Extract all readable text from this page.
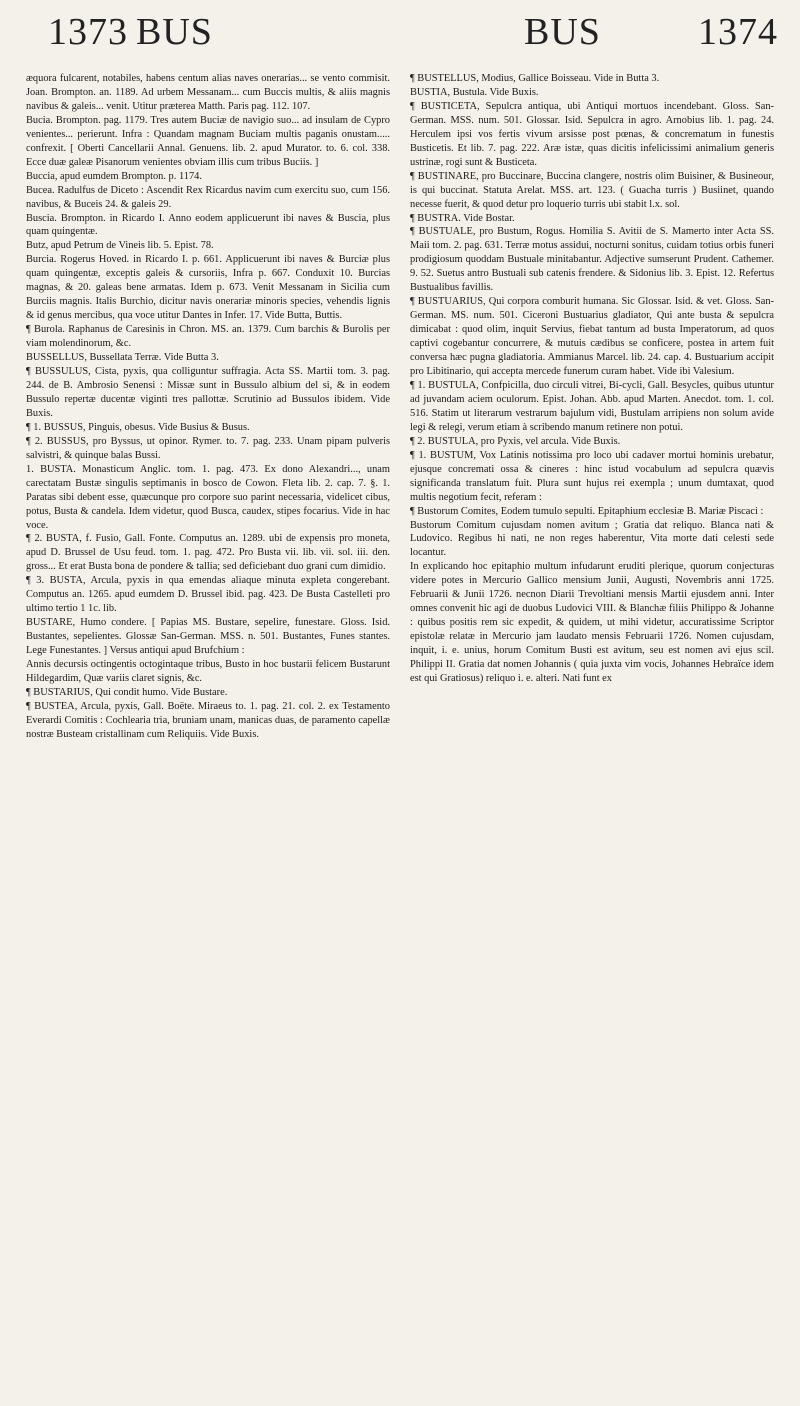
1373 BUS	BUS	1374

æquora fulcarent, notabiles, habens centum alias naves onerarias... se vento commisit. Joan. Brompton. an. 1189. Ad urbem Messanam... cum Buccis multis, & aliis magnis navibus & galeis... venit. Utitur præterea Matth. Paris pag. 112. 107.

Bucia. Brompton. pag. 1179. Tres autem Buciæ de navigio suo... ad insulam de Cypro venientes... perierunt. Infra : Quandam magnam Buciam multis paganis onustam..... confrexit. [ Oberti Cancellarii Annal. Genuens. lib. 2. apud Murator. to. 6. col. 338. Ecce duæ galeæ Pisanorum venientes obviam illis cum tribus Buciis. ]

Buccia, apud eumdem Brompton. p. 1174.

Bucea. Radulfus de Diceto : Ascendit Rex Ricardus navim cum exercitu suo, cum 156. navibus, & Buceis 24. & galeis 29.

Buscia. Brompton. in Ricardo I. Anno eodem applicuerunt ibi naves & Buscia, plus quam quingentæ.

Butz, apud Petrum de Vineis lib. 5. Epist. 78.

Burcia. Rogerus Hoved. in Ricardo I. p. 661. Applicuerunt ibi naves & Burciæ plus quam quingentæ, exceptis galeis & cursoriis, Infra p. 667. Conduxit 10. Burcias magnas, & 20. galeas bene armatas. Idem p. 673. Venit Messanam in Sicilia cum Burciis magnis. Italis Burchio, dicitur navis onerariæ minoris species, vehendis lignis & id genus mercibus, qua voce utitur Dantes in Infer. 17. Vide Butta, Buttis.

¶ Burola. Raphanus de Caresinis in Chron. MS. an. 1379. Cum barchis & Burolis per viam molendinorum, &c.

BUSSELLUS, Bussellata Terræ. Vide Butta 3.

¶ BUSSULUS, Cista, pyxis, qua colliguntur suffragia. Acta SS. Martii tom. 3. pag. 244. de B. Ambrosio Senensi : Missæ sunt in Bussulo albium del si, & in eodem Bussulo repertæ ducentæ viginti tres pallottæ. Scrutinio ad Bussulos ibidem. Vide Buxis.

¶ 1. BUSSUS, Pinguis, obesus. Vide Busius & Busus.

¶ 2. BUSSUS, pro Byssus, ut opinor. Rymer. to. 7. pag. 233. Unam pipam pulveris salvistri, & quinque balas Bussi.

1. BUSTA. Monasticum Anglic. tom. 1. pag. 473. Ex dono Alexandri..., unam carectatam Bustæ singulis septimanis in bosco de Cowon. Fleta lib. 2. cap. 7. §. 1. Paratas sibi debent esse, quæcunque pro corpore suo parint necessaria, videlicet cibus, potus, Busta & candela. Idem videtur, quod Busca, caudex, stipes focarius. Vide in hac voce.

¶ 2. BUSTA, f. Fusio, Gall. Fonte. Computus an. 1289. ubi de expensis pro moneta, apud D. Brussel de Usu feud. tom. 1. pag. 472. Pro Busta vii. lib. vii. sol. iii. den. gross... Et erat Busta bona de pondere & tallia; sed deficiebant duo grani cum dimidio.

¶ 3. BUSTA, Arcula, pyxis in qua emendas aliaque minuta expleta congerebant. Computus an. 1265. apud eumdem D. Brussel ibid. pag. 423. De Busta Castelleti pro ultimo tertio 1 1c. lib.

BUSTARE, Humo condere. [ Papias MS. Bustare, sepelire, funestare. Gloss. Isid. Bustantes, sepelientes. Glossæ San-German. MSS. n. 501. Bustantes, Funes stantes. Lege Funestantes. ] Versus antiqui apud Brufchium :

Annis decursis octingentis octogintaque tribus, Busto in hoc bustarii felicem Bustarunt Hildegardim, Quæ variis claret signis, &c.

¶ BUSTARIUS, Qui condit humo. Vide Bustare.

¶ BUSTEA, Arcula, pyxis, Gall. Boëte. Miraeus to. 1. pag. 21. col. 2. ex Testamento Everardi Comitis : Cochlearia tria, bruniam unam, manicas duas, de paramento capellæ nostræ Busteam cristallinam cum Reliquiis. Vide Buxis.

¶ BUSTELLUS, Modius, Gallice Boisseau. Vide in Butta 3.

BUSTIA, Bustula. Vide Buxis.

¶ BUSTICETA, Sepulcra antiqua, ubi Antiqui mortuos incendebant. Gloss. San-German. MSS. num. 501. Glossar. Isid. Sepulcra in agro. Arnobius lib. 1. pag. 24. Herculem ipsi vos fertis vivum arsisse post pœnas, & concrematum in funestis Busticetis. Et lib. 7. pag. 222. Aræ istæ, quas dicitis infelicissimi animalium generis ustrinæ, rogi sunt & Busticeta.

¶ BUSTINARE, pro Buccinare, Buccina clangere, nostris olim Buisiner, & Busineour, is qui buccinat. Statuta Arelat. MSS. art. 123. ( Guacha turris ) Busiinet, quando necesse fuerit, & quod detur pro loquerio turris ubi stabit l.x. sol.

¶ BUSTRA. Vide Bostar.

¶ BUSTUALE, pro Bustum, Rogus. Homilia S. Avitii de S. Mamerto inter Acta SS. Maii tom. 2. pag. 631. Terræ motus assidui, nocturni sonitus, cuidam totius orbis funeri prodigiosum quoddam Bustuale minitabantur. Adjective sumserunt Prudent. Cathemer. 9. 52. Suetus antro Bustuali sub catenis frendere. & Sidonius lib. 3. Epist. 12. Refertus Bustualibus favillis.

¶ BUSTUARIUS, Qui corpora comburit humana. Sic Glossar. Isid. & vet. Gloss. San-German. MS. num. 501. Ciceroni Bustuarius gladiator, Qui ante busta & sepulcra dimicabat : quod olim, inquit Servius, fiebat tantum ad busta Imperatorum, ad quos captivi cogebantur concurrere, & mutuis cædibus se conficere, postea in artem fuit conversa hæc pugna gladiatoria. Ammianus Marcel. lib. 24. cap. 4. Bustuarium accipit pro Libitinario, qui accepta mercede funerum curam habet. Vide ibi Valesium.

¶ 1. BUSTULA, Confpicilla, duo circuli vitrei, Bi-cycli, Gall. Besycles, quibus utuntur ad juvandam aciem oculorum. Epist. Johan. Abb. apud Marten. Anecdot. tom. 1. col. 516. Statim ut literarum vestrarum bajulum vidi, Bustulam arripiens non solum avide legi & relegi, verum etiam à scribendo manum retinere non potui.

¶ 2. BUSTULA, pro Pyxis, vel arcula. Vide Buxis.

¶ 1. BUSTUM, Vox Latinis notissima pro loco ubi cadaver mortui hominis urebatur, ejusque concremati ossa & cineres : hinc istud vocabulum ad sepulcra quævis significanda translatum fuit. Plura sunt hujus rei exempla ; unum dumtaxat, quod multis negotium fecit, referam :

¶ Bustorum Comites, Eodem tumulo sepulti. Epitaphium ecclesiæ B. Mariæ Piscaci :

Bustorum Comitum cujusdam nomen avitum ; Gratia dat reliquo. Blanca nati & Ludovico. Regibus hi nati, ne non reges haberentur, Vita morte dati celesti sede locantur.

In explicando hoc epitaphio multum infudarunt eruditi plerique, quorum conjecturas videre potes in Mercurio Gallico mensium Junii, Augusti, Novembris anni 1725. Februarii & Junii 1726. necnon Diarii Trevoltiani mensis Martii ejusdem anni. Inter omnes convenit hic agi de duobus Ludovici VIII. & Blanchæ filiis Philippo & Johanne : quibus positis rem sic expedit, & quidem, ut mihi videtur, accuratissime Scriptor epistolæ relatæ in Mercurio jam laudato mensis Februarii 1726. Nomen cujusdam, inquit, i. e. unius, horum Comitum Busti est avitum, seu est nomen avi ejus scil. Philippi II. Gratia dat nomen Johannis ( quia juxta vim vocis, Johannes Hebraïce idem est qui Gratiosus) reliquo i. e. alteri. Nati funt ex
